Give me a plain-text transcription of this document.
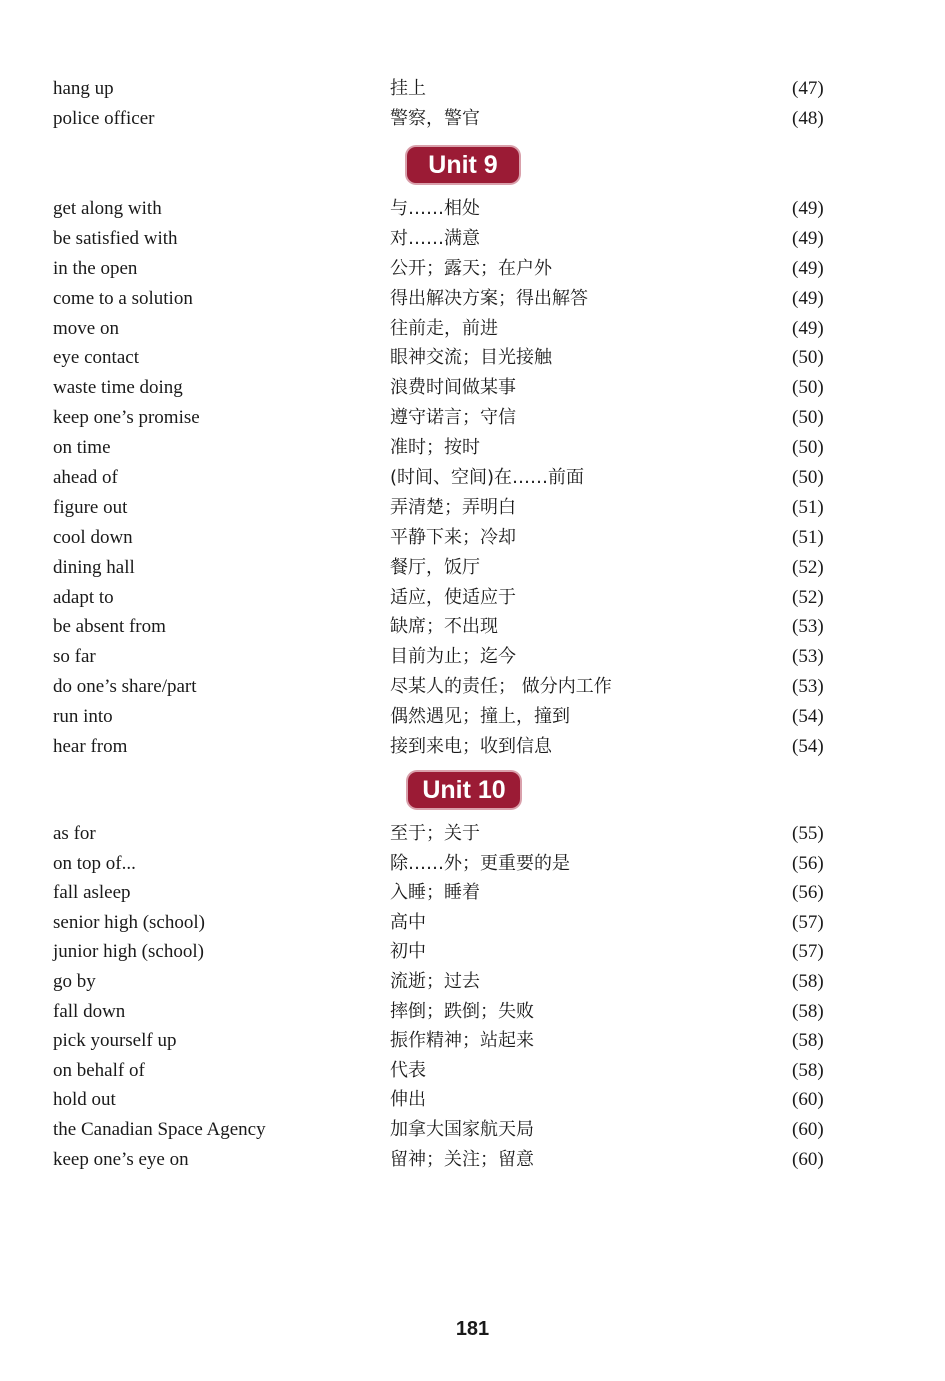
hang up	挂上	(47)
police officer	警察，警官	(48)
Unit 9
get along with	与……相处	(49)
be satisfied with	对……满意	(49)
in the open	公开；露天；在户外	(49)
come to a solution	得出解决方案；得出解答	(49)
move on	往前走，前进	(49)
eye contact	眼神交流；目光接触	(50)
waste time doing	浪费时间做某事	(50)
keep one’s promise	遵守诺言；守信	(50)
on time	准时；按时	(50)
ahead of	(时间、空间)在……前面	(50)
figure out	弄清楚；弄明白	(51)
cool down	平静下来；冷却	(51)
dining hall	餐厅，饭厅	(52)
adapt to	适应，使适应于	(52)
be absent from	缺席；不出现	(53)
so far	目前为止；迄今	(53)
do one’s share/part	尽某人的责任； 做分内工作	(53)
run into	偶然遇见；撞上，撞到	(54)
hear from	接到来电；收到信息	(54)
Unit 10
as for	至于；关于	(55)
on top of...	除……外；更重要的是	(56)
fall asleep	入睡；睡着	(56)
senior high (school)	高中	(57)
junior high (school)	初中	(57)
go by	流逝；过去	(58)
fall down	摔倒；跌倒；失败	(58)
pick yourself up	振作精神；站起来	(58)
on behalf of	代表	(58)
hold out	伸出	(60)
the Canadian Space Agency	加拿大国家航天局	(60)
keep one’s eye on	留神；关注；留意	(60)
181
